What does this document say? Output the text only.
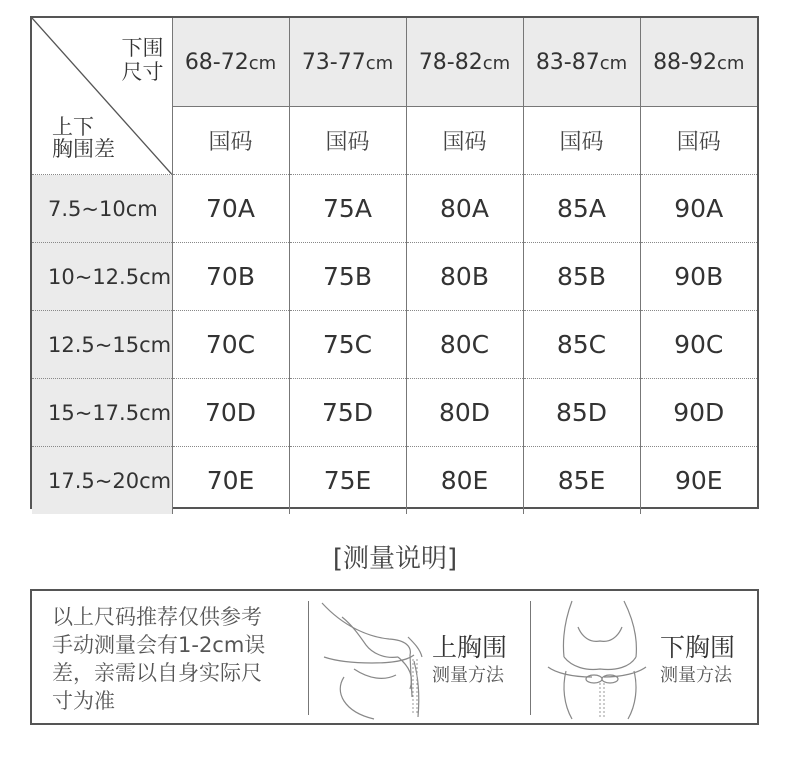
下围
尺寸
上下
胸围差	68-72cm	73-77cm	78-82cm	83-87cm	88-92cm
	国码	国码	国码	国码	国码
7.5~10cm	70A	75A	80A	85A	90A
10~12.5cm	70B	75B	80B	85B	90B
12.5~15cm	70C	75C	80C	85C	90C
15~17.5cm	70D	75D	80D	85D	90D
17.5~20cm	70E	75E	80E	85E	90E
[测量说明]
以上尺码推荐仅供参考
手动测量会有1-2cm误
差，亲需以自身实际尺
寸为准
上胸围
测量方法
下胸围
测量方法
